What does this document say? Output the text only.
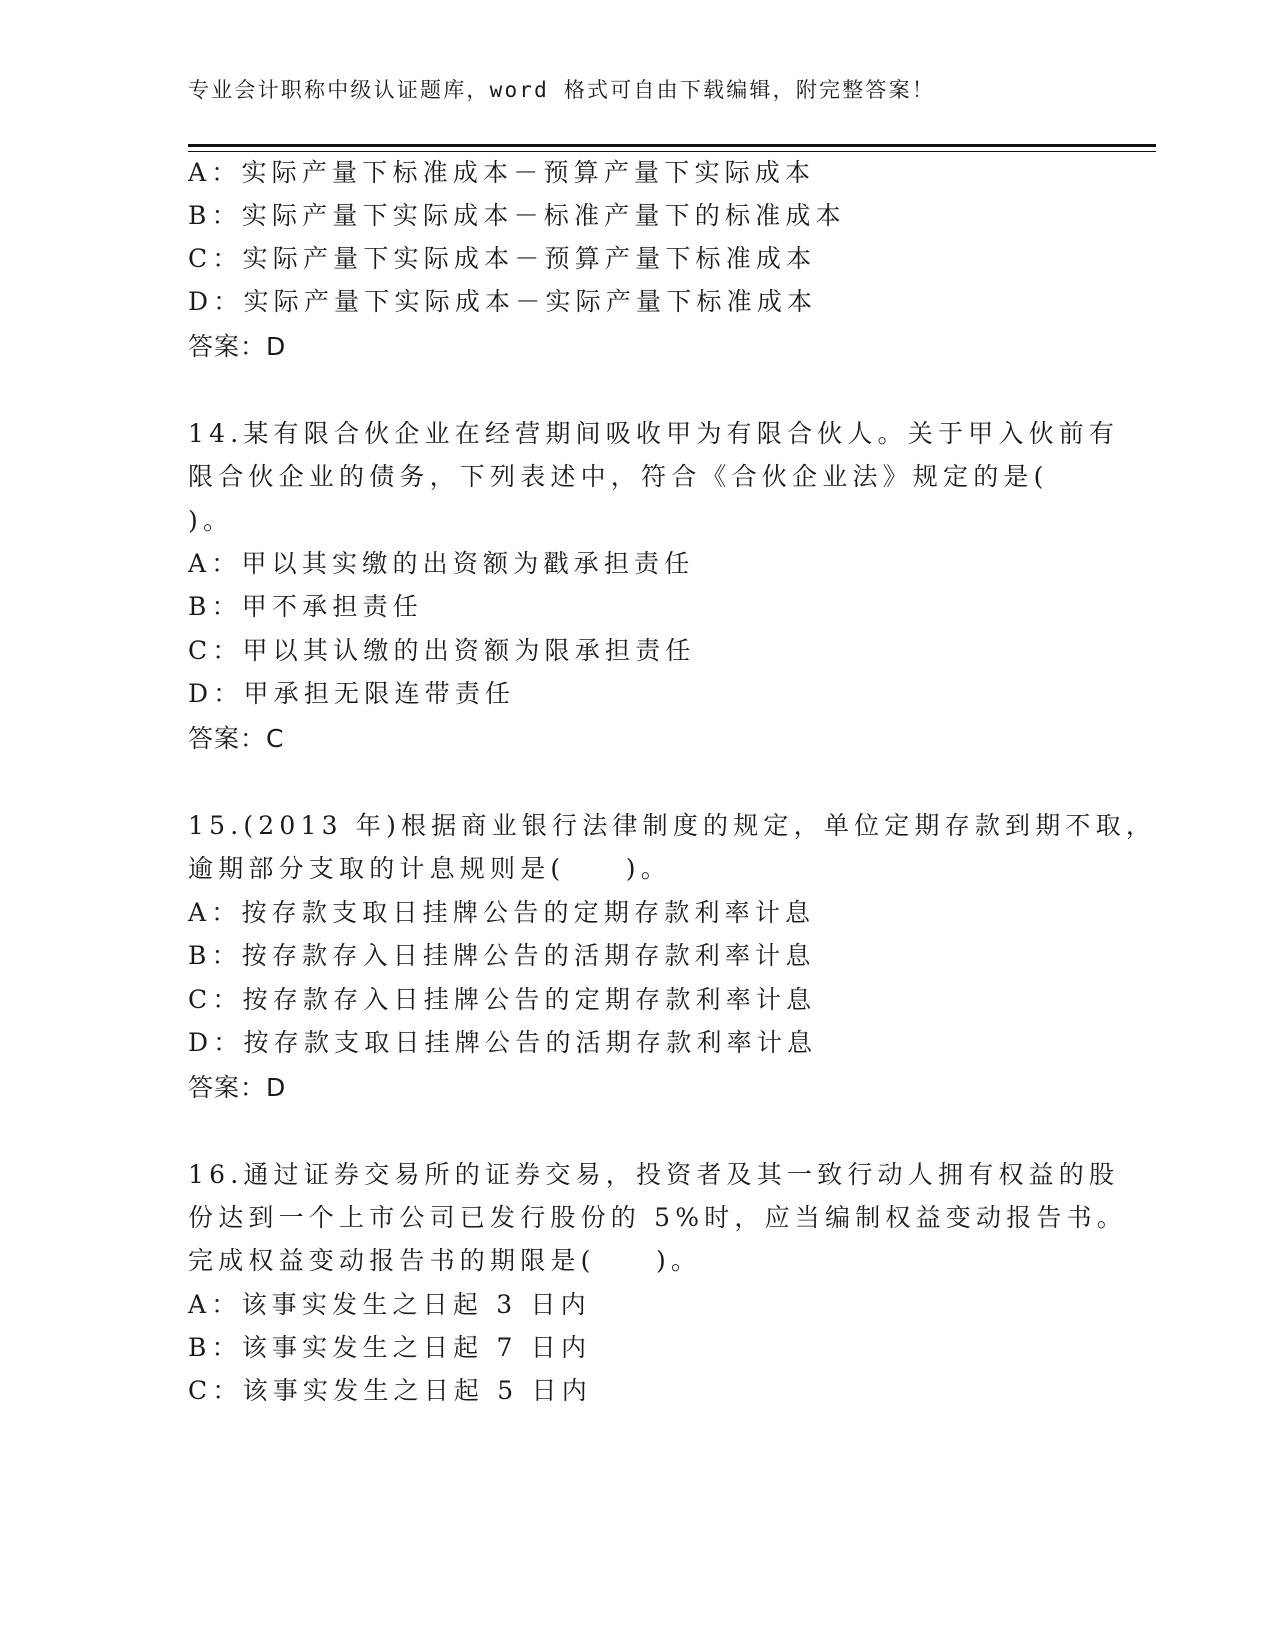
专业会计职称中级认证题库，word 格式可自由下载编辑，附完整答案！
A：实际产量下标准成本－预算产量下实际成本
B：实际产量下实际成本－标准产量下的标准成本
C：实际产量下实际成本－预算产量下标准成本
D：实际产量下实际成本－实际产量下标准成本
答案：D
14.某有限合伙企业在经营期间吸收甲为有限合伙人。关于甲入伙前有
限合伙企业的债务，下列表述中，符合《合伙企业法》规定的是(
)。
A：甲以其实缴的出资额为戳承担责任
B：甲不承担责任
C：甲以其认缴的出资额为限承担责任
D：甲承担无限连带责任
答案：C
15.(2013 年)根据商业银行法律制度的规定，单位定期存款到期不取，
逾期部分支取的计息规则是(　　)。
A：按存款支取日挂牌公告的定期存款利率计息
B：按存款存入日挂牌公告的活期存款利率计息
C：按存款存入日挂牌公告的定期存款利率计息
D：按存款支取日挂牌公告的活期存款利率计息
答案：D
16.通过证券交易所的证券交易，投资者及其一致行动人拥有权益的股
份达到一个上市公司已发行股份的 5%时，应当编制权益变动报告书。
完成权益变动报告书的期限是(　　)。
A：该事实发生之日起 3 日内
B：该事实发生之日起 7 日内
C：该事实发生之日起 5 日内
